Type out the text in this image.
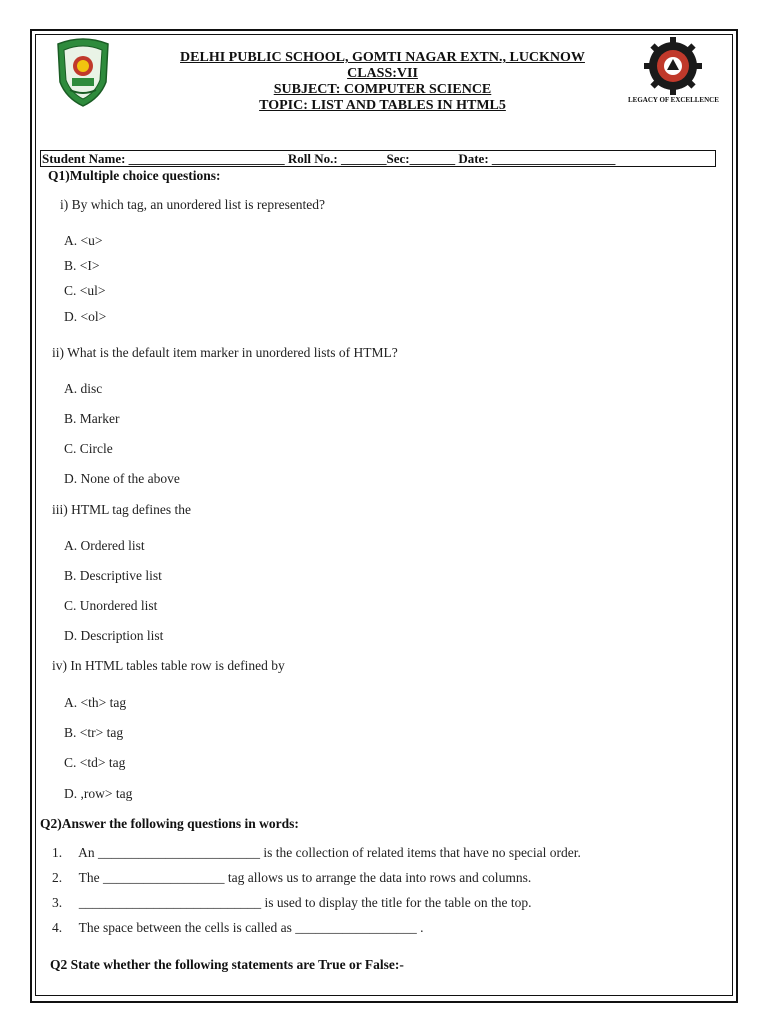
DELHI PUBLIC SCHOOL, GOMTI NAGAR EXTN., LUCKNOW
CLASS:VII
SUBJECT: COMPUTER SCIENCE
TOPIC: LIST AND TABLES IN HTML5	LEGACY OF EXCELLENCE
Student Name: ________________________ Roll No.: _______Sec:_______ Date: ___________________
Q1)Multiple choice questions:
i) By which tag, an unordered list is represented?
A. <u>
B. <I>
C. <ul>
D. <ol>
ii) What is the default item marker in unordered lists of HTML?
A. disc
B. Marker
C. Circle
D. None of the above
iii) HTML tag defines the
A. Ordered list
B. Descriptive list
C. Unordered list
D. Description list
iv) In HTML tables table row is defined by
A. <th> tag
B. <tr> tag
C. <td> tag
D. ,row> tag
Q2)Answer the following questions in words:
1. An ________________________ is the collection of related items that have no special order.
2. The __________________ tag allows us to arrange the data into rows and columns.
3. ___________________________ is used to display the title for the table on the top.
4.  The space between the cells is called as __________________ .
Q2 State whether the following statements are True or False:-
